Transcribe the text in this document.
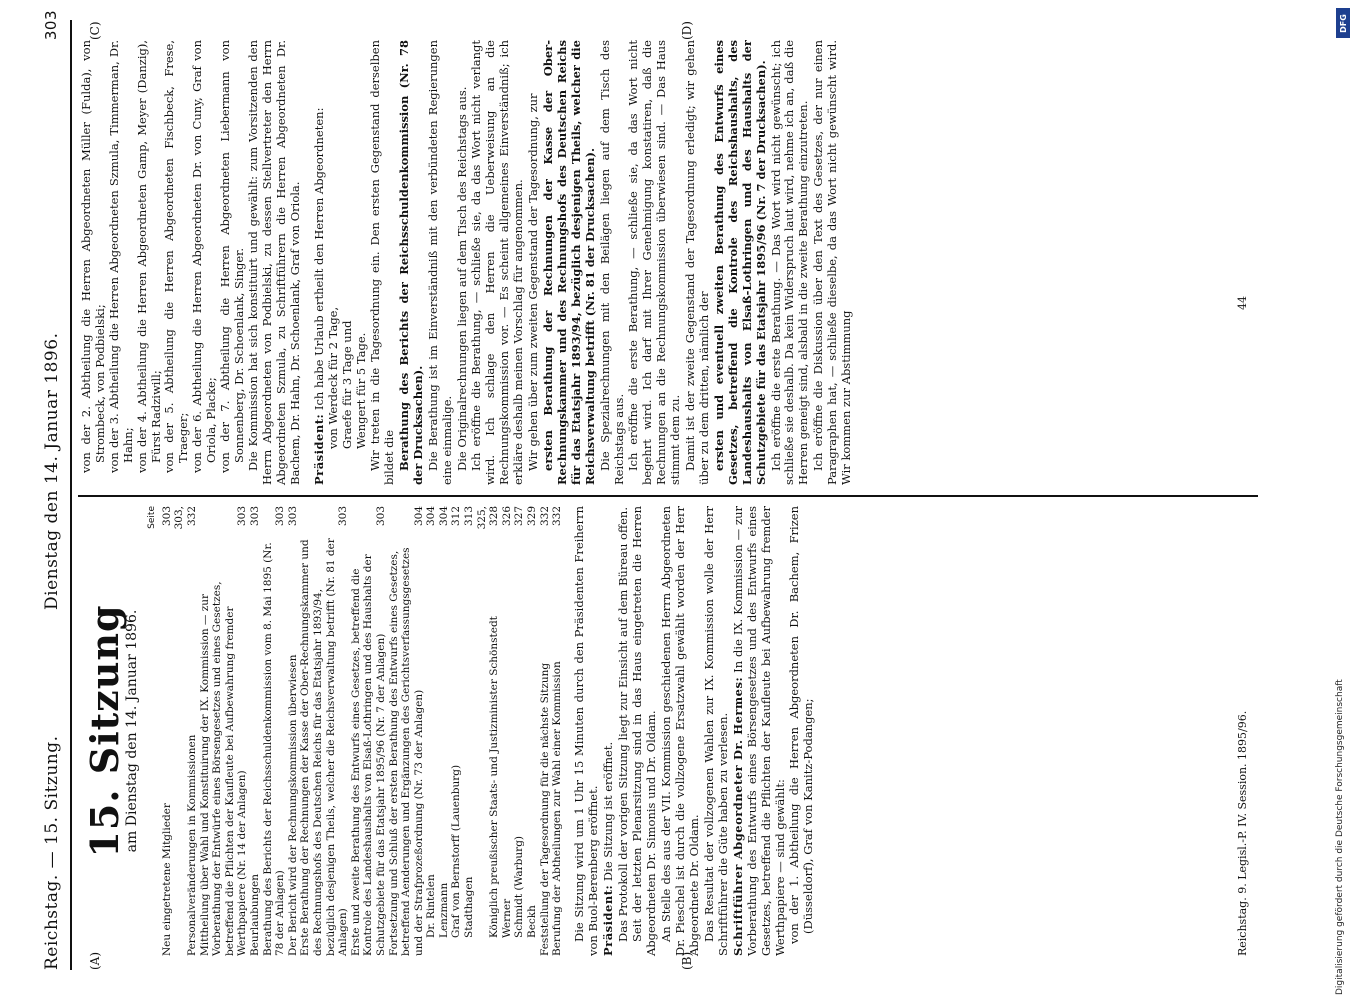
Reichstag. — 15. Sitzung.
Dienstag den 14. Januar 1896.
303
(A)	(B)
(C)	(D)
15. Sitzung
am Dienstag den 14. Januar 1896.
Seite
Neu eingetretene Mitglieder	303
Personalveränderungen in Kommissionen	303, 332
Mittheilung über Wahl und Konstituirung der IX. Kommission — zur Vorberathung der Entwürfe eines Börsengesetzes und eines Gesetzes, betreffend die Pflichten der Kaufleute bei Aufbewahrung fremder Werthpapiere (Nr. 14 der Anlagen)	303
Beurlaubungen	303
Berathung des Berichts der Reichsschuldenkommission vom 8. Mai 1895 (Nr. 78 der Anlagen)	303
Der Bericht wird der Rechnungskommission überwiesen	303
Erste Berathung der Rechnungen der Kasse der Ober-Rechnungskammer und des Rechnungshofs des Deutschen Reichs für das Etatsjahr 1893/94, bezüglich desjenigen Theils, welcher die Reichsverwaltung betrifft (Nr. 81 der Anlagen)	303
Erste und zweite Berathung des Entwurfs eines Gesetzes, betreffend die Kontrole des Landeshaushalts von Elsaß-Lothringen und des Haushalts der Schutzgebiete für das Etatsjahr 1895/96 (Nr. 7 der Anlagen)	303
Fortsetzung und Schluß der ersten Berathung des Entwurfs eines Gesetzes, betreffend Aenderungen und Ergänzungen des Gerichtsverfassungsgesetzes und der Strafprozeßordnung (Nr. 73 der Anlagen)	304
Dr. Rintelen	304
Lenzmann	304
Graf von Bernstorff (Lauenburg)	312
Stadthagen	313
Königlich preußischer Staats- und Justizminister Schönstedt	325, 328
Werner	326
Schmidt (Warburg)	327
Beckh	329
Feststellung der Tagesordnung für die nächste Sitzung	332
Berufung der Abtheilungen zur Wahl einer Kommission	332 Die Sitzung wird um 1 Uhr 15 Minuten durch den Präsidenten Freiherrn von Buol-Berenberg eröffnet. Präsident: Die Sitzung ist eröffnet. Das Protokoll der vorigen Sitzung liegt zur Einsicht auf dem Büreau offen. Seit der letzten Plenarsitzung sind in das Haus eingetreten die Herren Abgeordneten Dr. Simonis und Dr. Oldam. An Stelle des aus der VII. Kommission geschiedenen Herrn Abgeordneten Dr. Pieschel ist durch die vollzogene Ersatzwahl gewählt worden der Herr Abgeordnete Dr. Oldam. Das Resultat der vollzogenen Wahlen zur IX. Kommission wolle der Herr Schriftführer die Güte haben zu verlesen. Schriftführer Abgeordneter Dr. Hermes: In die IX. Kommission — zur Vorberathung des Entwurfs eines Börsengesetzes und des Entwurfs eines Gesetzes, betreffend die Pflichten der Kaufleute bei Aufbewahrung fremder Werthpapiere — sind gewählt: von der 1. Abtheilung die Herren Abgeordneten Dr. Bachem, Frizen (Düsseldorf), Graf von Kanitz-Podangen;	Reichstag. 9. Legisl.-P. IV. Session. 1895/96.

von der 2. Abtheilung die Herren Abgeordneten Müller (Fulda), von Strombeck, von Podbielski; von der 3. Abtheilung die Herren Abgeordneten Szmula, Timmerman, Dr. Hahn; von der 4. Abtheilung die Herren Abgeordneten Gamp, Meyer (Danzig), Fürst Radziwill; von der 5. Abtheilung die Herren Abgeordneten Fischbeck, Frese, Traeger; von der 6. Abtheilung die Herren Abgeordneten Dr. von Cuny, Graf von Oriola, Placke; von der 7. Abtheilung die Herren Abgeordneten Liebermann von Sonnenberg, Dr. Schoenlank, Singer. Die Kommission hat sich konstituirt und gewählt: zum Vorsitzenden den Herrn Abgeordneten von Podbielski, zu dessen Stellvertreter den Herrn Abgeordneten Szmula, zu Schriftführern die Herren Abgeordneten Dr. Bachem, Dr. Hahn, Dr. Schoenlank, Graf von Oriola. Präsident: Ich habe Urlaub ertheilt den Herren Abgeordneten: von Werdeck für 2 Tage, Graefe für 3 Tage und Wengert für 5 Tage. Wir treten in die Tagesordnung ein. Den ersten Gegenstand derselben bildet die Berathung des Berichts der Reichsschuldenkommission (Nr. 78 der Drucksachen). Die Berathung ist im Einverständniß mit den verbündeten Regierungen eine einmalige. Die Originalrechnungen liegen auf dem Tisch des Reichstags aus. Ich eröffne die Berathung, — schließe sie, da das Wort nicht verlangt wird. Ich schlage den Herren die Ueberweisung an die Rechnungskommission vor. — Es scheint allgemeines Einverständniß; ich erkläre deshalb meinen Vorschlag für angenommen. Wir gehen über zum zweiten Gegenstand der Tagesordnung, zur ersten Berathung der Rechnungen der Kasse der Ober-Rechnungskammer und des Rechnungshofs des Deutschen Reichs für das Etatsjahr 1893/94, bezüglich desjenigen Theils, welcher die Reichsverwaltung betrifft (Nr. 81 der Drucksachen). Die Spezialrechnungen mit den Beilägen liegen auf dem Tisch des Reichstags aus. Ich eröffne die erste Berathung, — schließe sie, da das Wort nicht begehrt wird. Ich darf mit Ihrer Genehmigung konstatiren, daß die Rechnungen an die Rechnungskommission überwiesen sind. — Das Haus stimmt dem zu. Damit ist der zweite Gegenstand der Tagesordnung erledigt; wir gehen über zu dem dritten, nämlich der ersten und eventuell zweiten Berathung des Entwurfs eines Gesetzes, betreffend die Kontrole des Reichshaushalts, des Landeshaushalts von Elsaß-Lothringen und des Haushalts der Schutzgebiete für das Etatsjahr 1895/96 (Nr. 7 der Drucksachen). Ich eröffne die erste Berathung. — Das Wort wird nicht gewünscht; ich schließe sie deshalb. Da kein Widerspruch laut wird, nehme ich an, daß die Herren geneigt sind, alsbald in die zweite Berathung einzutreten. Ich eröffne die Diskussion über den Text des Gesetzes, der nur einen Paragraphen hat, — schließe dieselbe, da das Wort nicht gewünscht wird. Wir kommen zur Abstimmung

44
DFG
Digitalisierung gefördert durch die Deutsche Forschungsgemeinschaft
